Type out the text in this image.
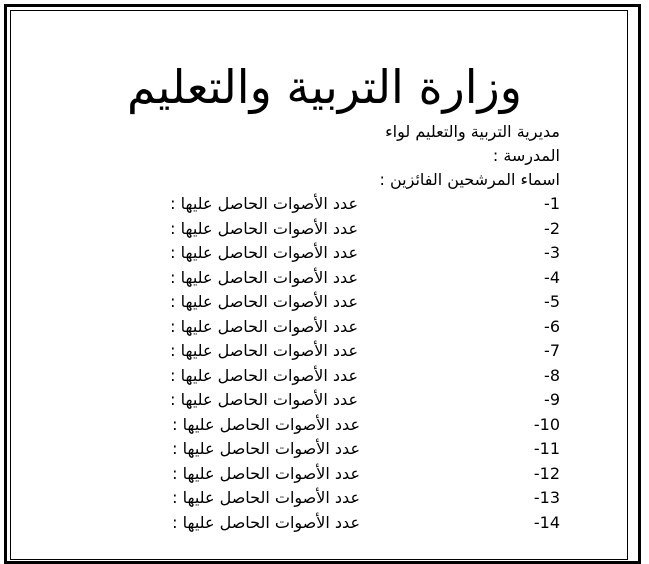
وزارة التربية والتعليم
مديرية التربية والتعليم لواء
المدرسة :
اسماء المرشحين الفائزين :
-1
عدد الأصوات الحاصل عليها :
-2
عدد الأصوات الحاصل عليها :
-3
عدد الأصوات الحاصل عليها :
-4
عدد الأصوات الحاصل عليها :
-5
عدد الأصوات الحاصل عليها :
-6
عدد الأصوات الحاصل عليها :
-7
عدد الأصوات الحاصل عليها :
-8
عدد الأصوات الحاصل عليها :
-9
عدد الأصوات الحاصل عليها :
-10
عدد الأصوات الحاصل عليها :
-11
عدد الأصوات الحاصل عليها :
-12
عدد الأصوات الحاصل عليها :
-13
عدد الأصوات الحاصل عليها :
-14
عدد الأصوات الحاصل عليها :
